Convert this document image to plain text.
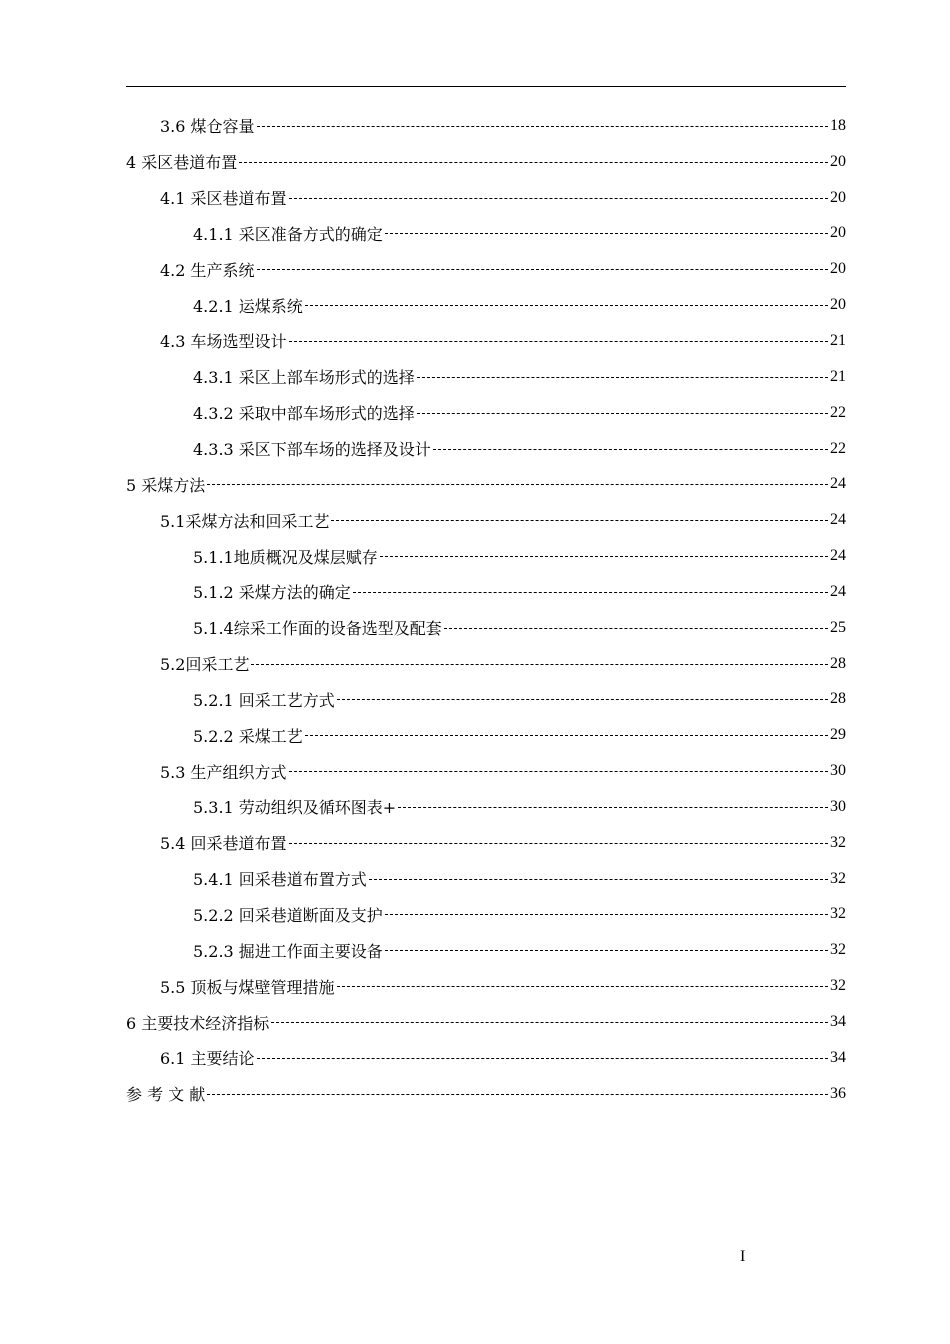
3.6 煤仓容量	18
4 采区巷道布置	20
4.1 采区巷道布置	20
4.1.1 采区准备方式的确定	20
4.2 生产系统	20
4.2.1 运煤系统	20
4.3 车场选型设计	21
4.3.1 采区上部车场形式的选择	21
4.3.2 采取中部车场形式的选择	22
4.3.3 采区下部车场的选择及设计	22
5 采煤方法	24
5.1采煤方法和回采工艺	24
5.1.1地质概况及煤层赋存	24
5.1.2 采煤方法的确定	24
5.1.4综采工作面的设备选型及配套	25
5.2回采工艺	28
5.2.1 回采工艺方式	28
5.2.2 采煤工艺	29
5.3 生产组织方式	30
5.3.1 劳动组织及循环图表+	30
5.4 回采巷道布置	32
5.4.1 回采巷道布置方式	32
5.2.2 回采巷道断面及支护	32
5.2.3 掘进工作面主要设备	32
5.5 顶板与煤壁管理措施	32
6 主要技术经济指标	34
6.1 主要结论	34
参 考 文 献	36
I
